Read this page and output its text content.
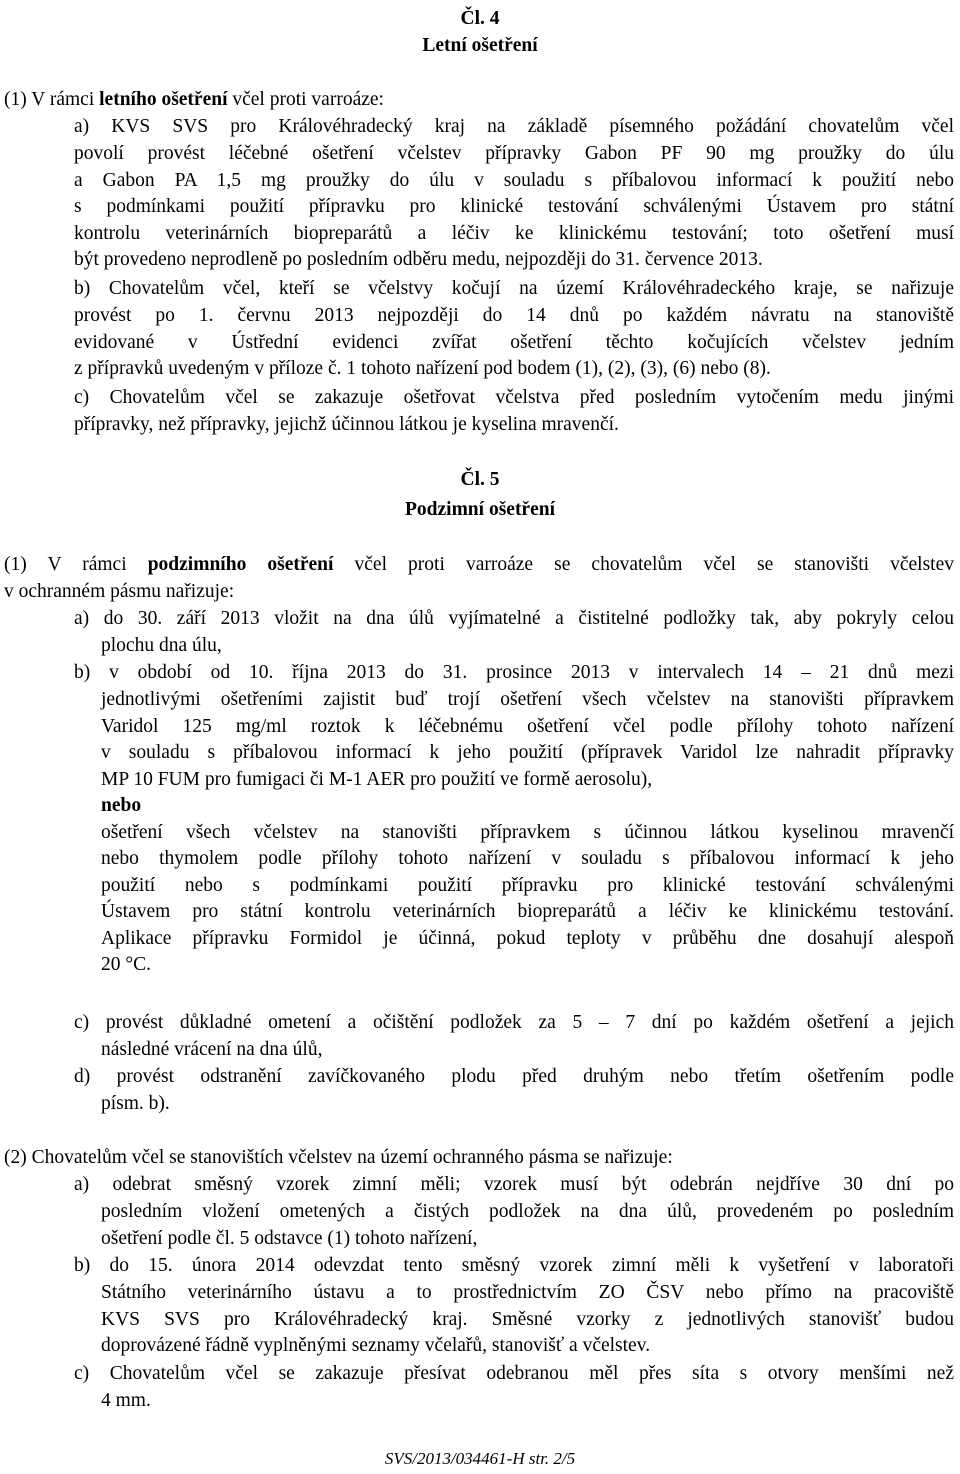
Čl. 4
Letní ošetření
(1) V rámci letního ošetření včel proti varroáze:
a) KVS SVS pro Královéhradecký kraj na základě písemného požádání chovatelům včel
povolí provést léčebné ošetření včelstev přípravky Gabon PF 90 mg proužky do úlu
a Gabon PA 1,5 mg proužky do úlu v souladu s příbalovou informací k použití nebo
s podmínkami použití přípravku pro klinické testování schválenými Ústavem pro státní
kontrolu veterinárních biopreparátů a léčiv ke klinickému testování; toto ošetření musí
být provedeno neprodleně po posledním odběru medu, nejpozději do 31. července 2013.
b) Chovatelům včel, kteří se včelstvy kočují na území Královéhradeckého kraje, se nařizuje
provést po 1. červnu 2013 nejpozději do 14 dnů po každém návratu na stanoviště
evidované v Ústřední evidenci zvířat ošetření těchto kočujících včelstev jedním
z přípravků uvedeným v příloze č. 1 tohoto nařízení pod bodem (1), (2), (3), (6) nebo (8).
c) Chovatelům včel se zakazuje ošetřovat včelstva před posledním vytočením medu jinými
přípravky, než přípravky, jejichž účinnou látkou je kyselina mravenčí.
Čl. 5
Podzimní ošetření
(1) V rámci podzimního ošetření včel proti varroáze se chovatelům včel se stanovišti včelstev
v ochranném pásmu nařizuje:
a) do 30. září 2013 vložit na dna úlů vyjímatelné a čistitelné podložky tak, aby pokryly celou
plochu dna úlu,
b) v období od 10. října 2013 do 31. prosince 2013 v intervalech 14 – 21 dnů mezi
jednotlivými ošetřeními zajistit buď trojí ošetření všech včelstev na stanovišti přípravkem
Varidol 125 mg/ml roztok k léčebnému ošetření včel podle přílohy tohoto nařízení
v souladu s příbalovou informací k jeho použití (přípravek Varidol lze nahradit přípravky
MP 10 FUM pro fumigaci či M-1 AER pro použití ve formě aerosolu),
nebo
ošetření všech včelstev na stanovišti přípravkem s účinnou látkou kyselinou mravenčí
nebo thymolem podle přílohy tohoto nařízení v souladu s příbalovou informací k jeho
použití nebo s podmínkami použití přípravku pro klinické testování schválenými
Ústavem pro státní kontrolu veterinárních biopreparátů a léčiv ke klinickému testování.
Aplikace přípravku Formidol je účinná, pokud teploty v průběhu dne dosahují alespoň
20 °C.
c) provést důkladné ometení a očištění podložek za 5 – 7 dní po každém ošetření a jejich
následné vrácení na dna úlů,
d) provést odstranění zavíčkovaného plodu před druhým nebo třetím ošetřením podle
písm. b).
(2) Chovatelům včel se stanovištích včelstev na území ochranného pásma se nařizuje:
a) odebrat směsný vzorek zimní měli; vzorek musí být odebrán nejdříve 30 dní po
posledním vložení ometených a čistých podložek na dna úlů, provedeném po posledním
ošetření podle čl. 5 odstavce (1) tohoto nařízení,
b) do 15. února 2014 odevzdat tento směsný vzorek zimní měli k vyšetření v laboratoři
Státního veterinárního ústavu a to prostřednictvím ZO ČSV nebo přímo na pracoviště
KVS SVS pro Královéhradecký kraj. Směsné vzorky z jednotlivých stanovišť budou
doprovázené řádně vyplněnými seznamy včelařů, stanovišť a včelstev.
c) Chovatelům včel se zakazuje přesívat odebranou měl přes síta s otvory menšími než
4 mm.
SVS/2013/034461-H str. 2/5
